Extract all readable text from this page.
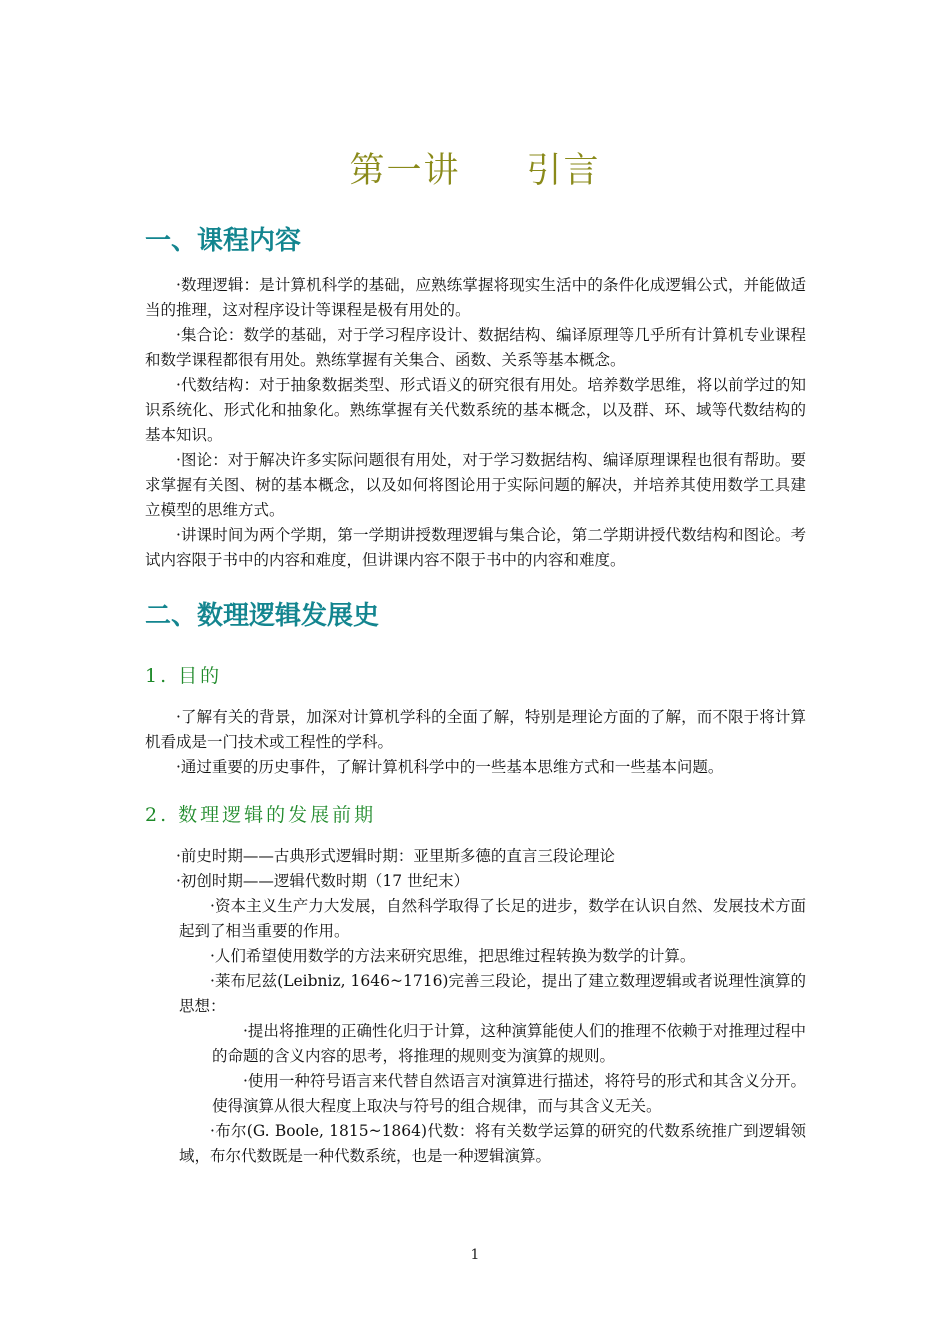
第一讲 引言
一、课程内容

·数理逻辑：是计算机科学的基础，应熟练掌握将现实生活中的条件化成逻辑公式，并能做适当的推理，这对程序设计等课程是极有用处的。

·集合论：数学的基础，对于学习程序设计、数据结构、编译原理等几乎所有计算机专业课程和数学课程都很有用处。熟练掌握有关集合、函数、关系等基本概念。

·代数结构：对于抽象数据类型、形式语义的研究很有用处。培养数学思维，将以前学过的知识系统化、形式化和抽象化。熟练掌握有关代数系统的基本概念，以及群、环、域等代数结构的基本知识。

·图论：对于解决许多实际问题很有用处，对于学习数据结构、编译原理课程也很有帮助。要求掌握有关图、树的基本概念，以及如何将图论用于实际问题的解决，并培养其使用数学工具建立模型的思维方式。

·讲课时间为两个学期，第一学期讲授数理逻辑与集合论，第二学期讲授代数结构和图论。考试内容限于书中的内容和难度，但讲课内容不限于书中的内容和难度。

二、数理逻辑发展史
1. 目的

·了解有关的背景，加深对计算机学科的全面了解，特别是理论方面的了解，而不限于将计算机看成是一门技术或工程性的学科。

·通过重要的历史事件，了解计算机科学中的一些基本思维方式和一些基本问题。

2. 数理逻辑的发展前期

·前史时期——古典形式逻辑时期：亚里斯多德的直言三段论理论

·初创时期——逻辑代数时期（17 世纪末）

·资本主义生产力大发展，自然科学取得了长足的进步，数学在认识自然、发展技术方面起到了相当重要的作用。

·人们希望使用数学的方法来研究思维，把思维过程转换为数学的计算。

·莱布尼兹(Leibniz, 1646~1716)完善三段论，提出了建立数理逻辑或者说理性演算的思想：

·提出将推理的正确性化归于计算，这种演算能使人们的推理不依赖于对推理过程中的命题的含义内容的思考，将推理的规则变为演算的规则。

·使用一种符号语言来代替自然语言对演算进行描述，将符号的形式和其含义分开。使得演算从很大程度上取决与符号的组合规律，而与其含义无关。

·布尔(G. Boole, 1815~1864)代数：将有关数学运算的研究的代数系统推广到逻辑领域，布尔代数既是一种代数系统，也是一种逻辑演算。

1
